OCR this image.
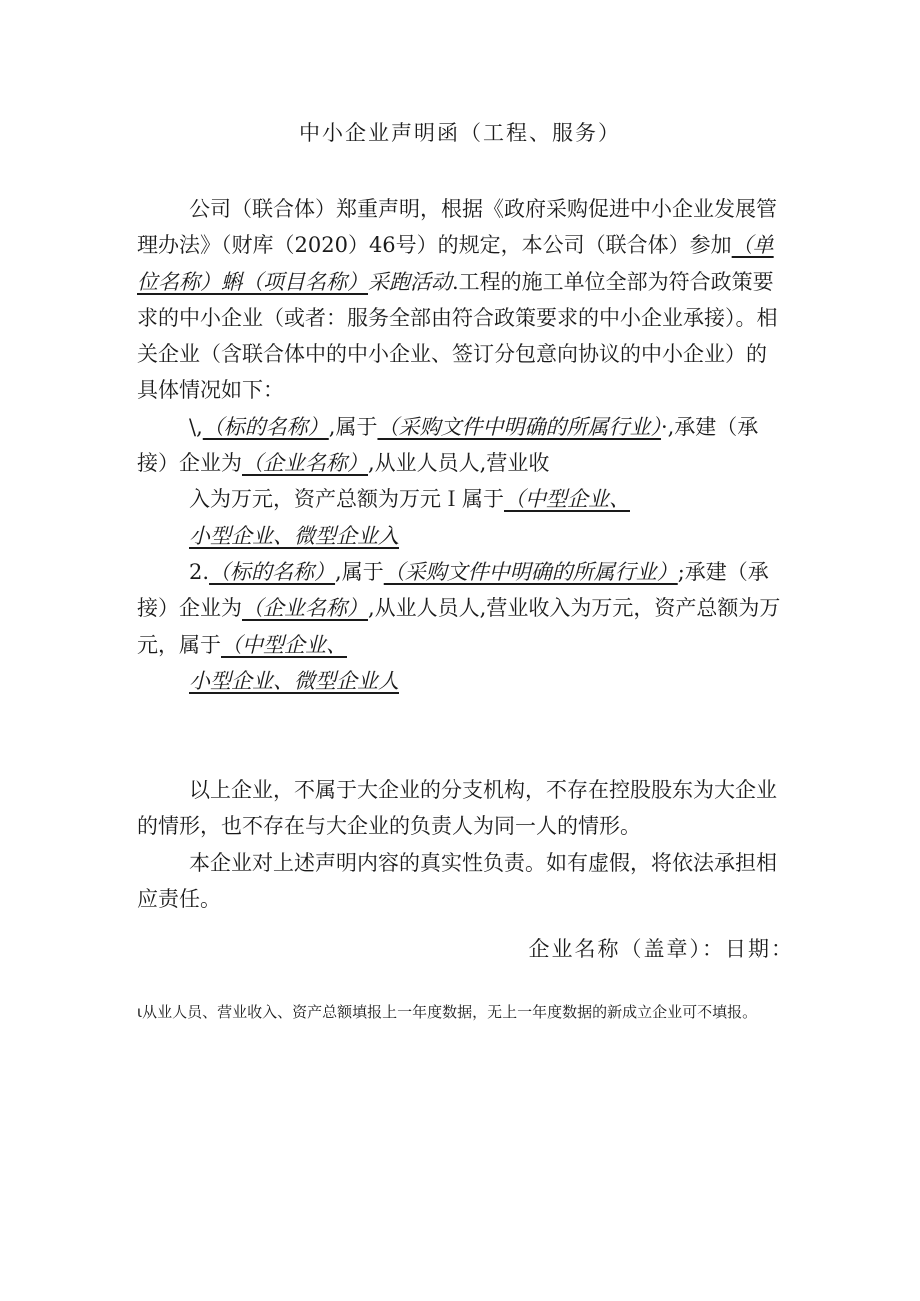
中小企业声明函（工程、服务）

公司（联合体）郑重声明，根据《政府采购促进中小企业发展管理办法》（财库（2020）46号）的规定，本公司（联合体）参加（单位名称）蝌（项目名称）采跑活动.工程的施工单位全部为符合政策要求的中小企业（或者：服务全部由符合政策要求的中小企业承接）。相关企业（含联合体中的中小企业、签订分包意向协议的中小企业）的具体情况如下：

\,（标的名称）,属于（采购文件中明确的所属行业）·,承建（承接）企业为（企业名称）,从业人员人,营业收
入为万元，资产总额为万元Ｉ属于（中型企业、
小型企业、微型企业入

2.（标的名称）,属于（采购文件中明确的所属行业）;承建（承接）企业为（企业名称）,从业人员人,营业收入为万元，资产总额为万元，属于（中型企业、
小型企业、微型企业人

以上企业，不属于大企业的分支机构，不存在控股股东为大企业的情形，也不存在与大企业的负责人为同一人的情形。

本企业对上述声明内容的真实性负责。如有虚假，将依法承担相应责任。

企业名称（盖章）：日期：
ι从业人员、营业收入、资产总额填报上一年度数据，无上一年度数据的新成立企业可不填报。
